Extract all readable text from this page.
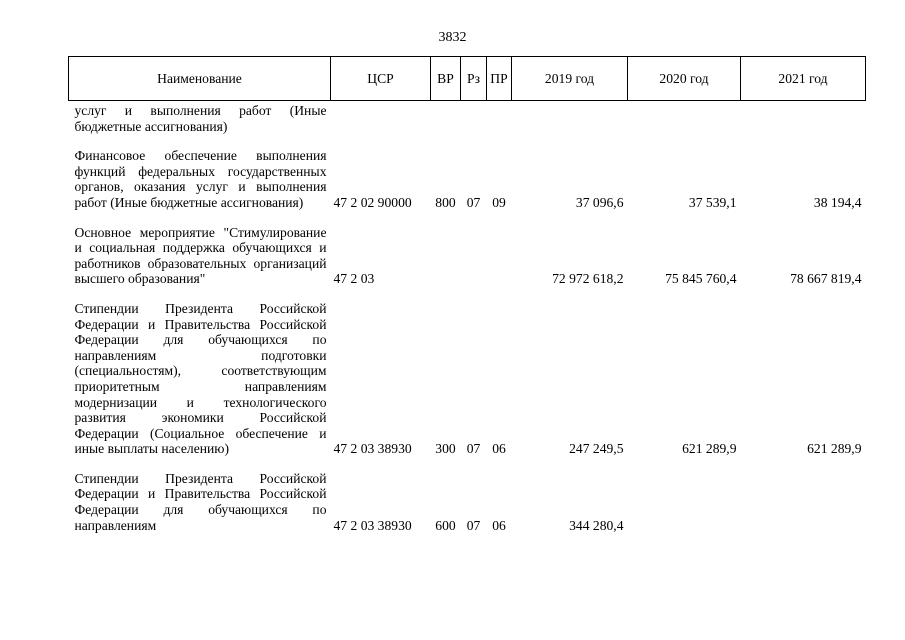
3832
Наименование	ЦСР	ВР	Рз	ПР	2019 год	2020 год	2021 год
услуг и выполнения работ (Иные бюджетные ассигнования)							

Финансовое обеспечение выполнения функций федеральных государственных органов, оказания услуг и выполнения работ (Иные бюджетные ассигнования)	47 2 02 90000	800	07	09	37 096,6	37 539,1	38 194,4

Основное мероприятие "Стимулирование и социальная поддержка обучающихся и работников образовательных организаций высшего образования"	47 2 03				72 972 618,2	75 845 760,4	78 667 819,4

Стипендии Президента Российской Федерации и Правительства Российской Федерации для обучающихся по направлениям подготовки (специальностям), соответствующим приоритетным направлениям модернизации и технологического развития экономики Российской Федерации (Социальное обеспечение и иные выплаты населению)	47 2 03 38930	300	07	06	247 249,5	621 289,9	621 289,9

Стипендии Президента Российской Федерации и Правительства Российской Федерации для обучающихся по направлениям	47 2 03 38930	600	07	06	344 280,4		
